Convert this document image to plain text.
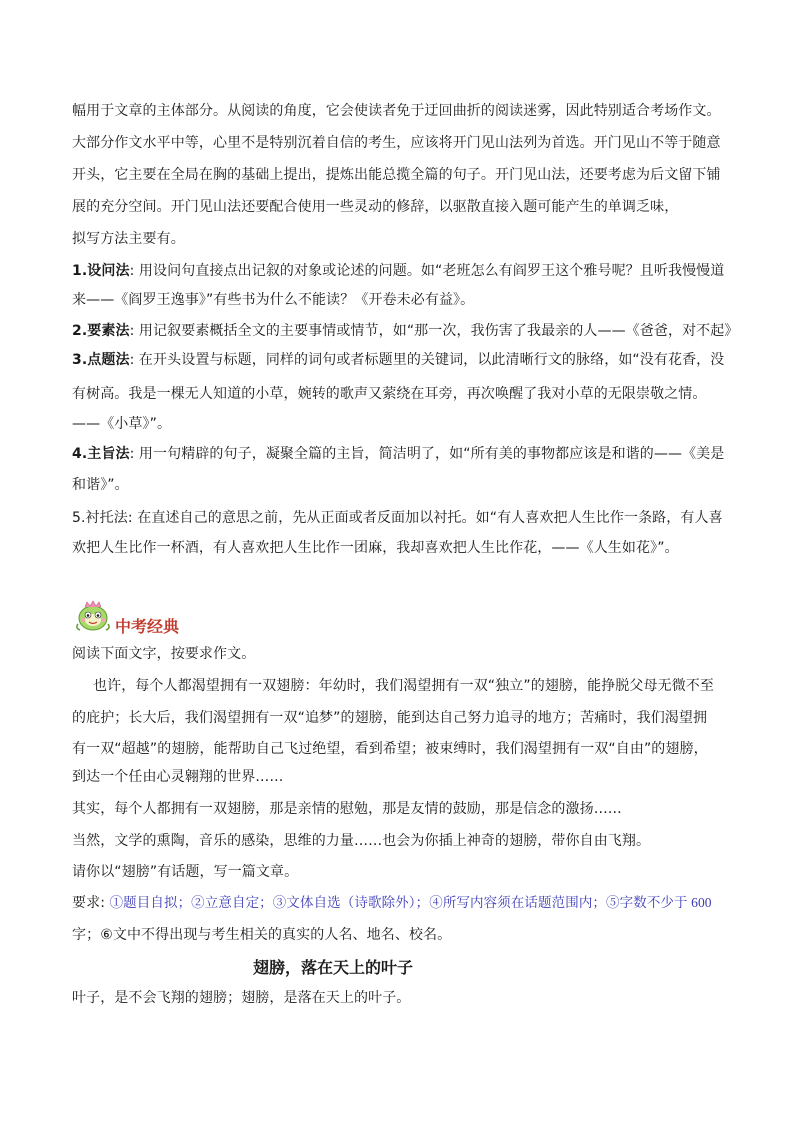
幅用于文章的主体部分。从阅读的角度，它会使读者免于迂回曲折的阅读迷雾，因此特别适合考场作文。
大部分作文水平中等，心里不是特别沉着自信的考生，应该将开门见山法列为首选。开门见山不等于随意
开头，它主要在全局在胸的基础上提出，提炼出能总揽全篇的句子。开门见山法，还要考虑为后文留下铺
展的充分空间。开门见山法还要配合使用一些灵动的修辞，以驱散直接入题可能产生的单调乏味，
拟写方法主要有。
1.设问法: 用设问句直接点出记叙的对象或论述的问题。如“老班怎么有阎罗王这个雅号呢？且听我慢慢道
来——《阎罗王逸事》”有些书为什么不能读？《开卷未必有益》。
2.要素法: 用记叙要素概括全文的主要事情或情节，如“那一次，我伤害了我最亲的人——《爸爸，对不起》
3.点题法: 在开头设置与标题，同样的词句或者标题里的关键词，以此清晰行文的脉络，如“没有花香，没
有树高。我是一棵无人知道的小草，婉转的歌声又萦绕在耳旁，再次唤醒了我对小草的无限崇敬之情。
——《小草》”。
4.主旨法: 用一句精辟的句子，凝聚全篇的主旨，简洁明了，如“所有美的事物都应该是和谐的——《美是
和谐》”。
5.衬托法: 在直述自己的意思之前，先从正面或者反面加以衬托。如“有人喜欢把人生比作一条路，有人喜
欢把人生比作一杯酒，有人喜欢把人生比作一团麻，我却喜欢把人生比作花，——《人生如花》”。
中考经典
阅读下面文字，按要求作文。
也许，每个人都渴望拥有一双翅膀：年幼时，我们渴望拥有一双“独立”的翅膀，能挣脱父母无微不至
的庇护；长大后，我们渴望拥有一双“追梦”的翅膀，能到达自己努力追寻的地方；苦痛时，我们渴望拥
有一双“超越”的翅膀，能帮助自己飞过绝望，看到希望；被束缚时，我们渴望拥有一双“自由”的翅膀，
到达一个任由心灵翱翔的世界……
其实，每个人都拥有一双翅膀，那是亲情的慰勉，那是友情的鼓励，那是信念的激扬……
当然，文学的熏陶，音乐的感染，思维的力量……也会为你插上神奇的翅膀，带你自由飞翔。
请你以“翅膀”有话题，写一篇文章。
要求: ①题目自拟；②立意自定；③文体自选（诗歌除外）；④所写内容须在话题范围内；⑤字数不少于 600
字；⑥文中不得出现与考生相关的真实的人名、地名、校名。
翅膀，落在天上的叶子
叶子，是不会飞翔的翅膀；翅膀，是落在天上的叶子。
